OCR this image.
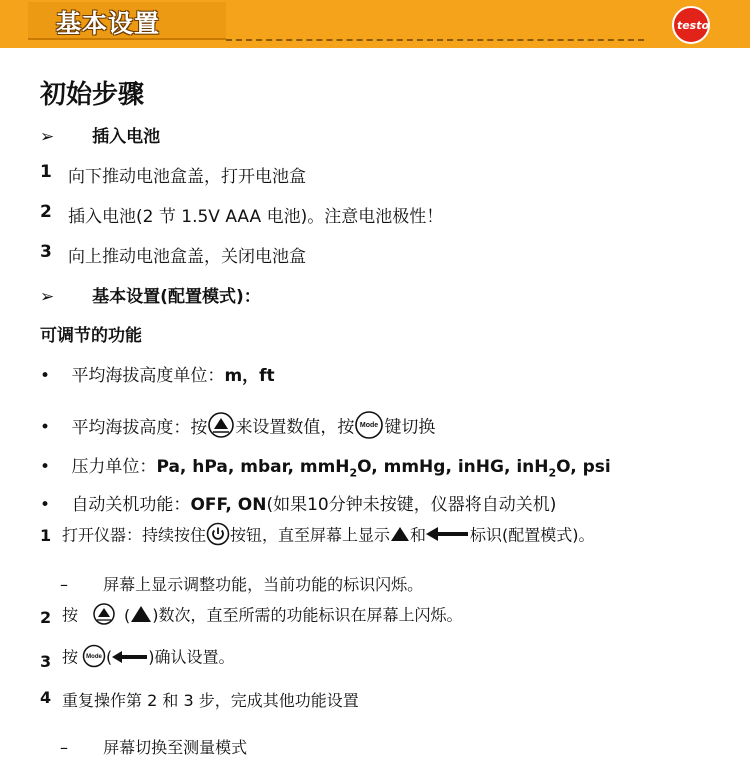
基本设置	testo
初始步骤
➢ 插入电池
1 向下推动电池盒盖，打开电池盒
2 插入电池(2 节 1.5V AAA 电池)。注意电池极性！
3 向上推动电池盒盖，关闭电池盒
➢ 基本设置(配置模式)：
可调节的功能
• 平均海拔高度单位：m，ft
• 平均海拔高度：按 来设置数值，按 Mode 键切换
• 压力单位：Pa, hPa, mbar, mmH$_2$O, mmHg, inHG, inH$_2$O, psi
• 自动关机功能：OFF, ON(如果10分钟未按键，仪器将自动关机)
1 打开仪器：持续按住 按钮，直至屏幕上显示 和	标识(配置模式)。
– 屏幕上显示调整功能，当前功能的标识闪烁。
2 按	( )数次，直至所需的功能标识在屏幕上闪烁。
3 按 Mode ( )确认设置。
4 重复操作第 2 和 3 步，完成其他功能设置
– 屏幕切换至测量模式
